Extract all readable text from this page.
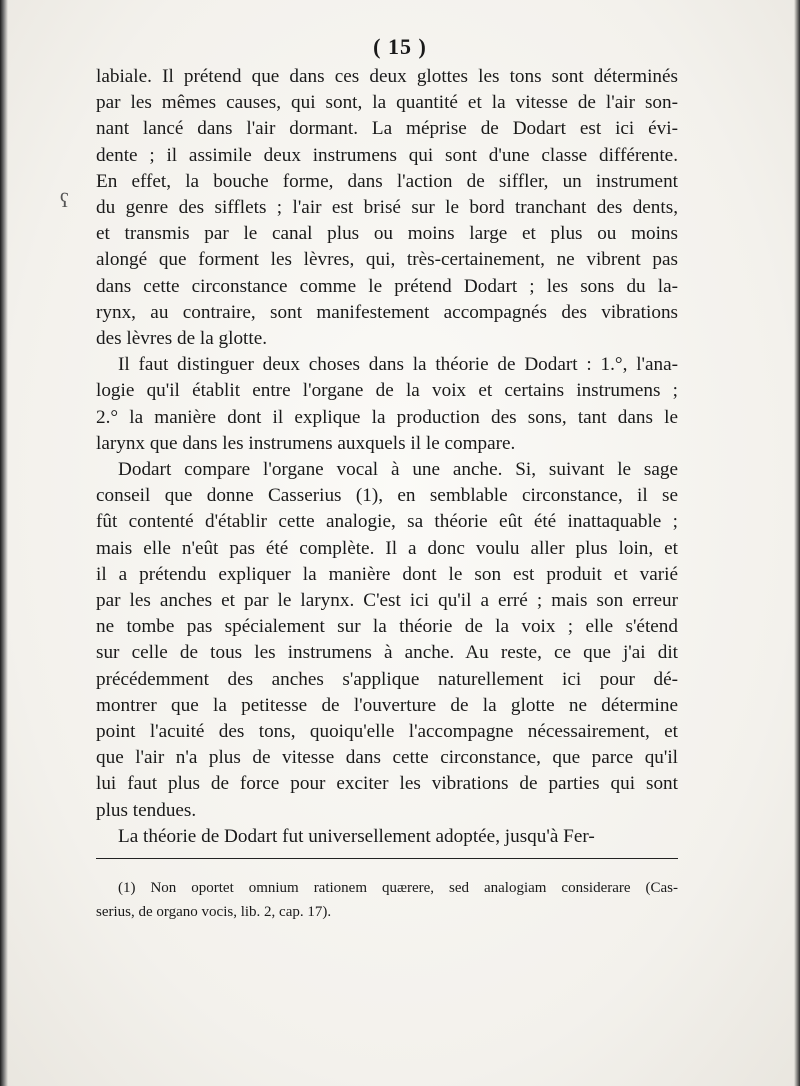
( 15 )

labiale. Il prétend que dans ces deux glottes les tons sont déterminés
par les mêmes causes, qui sont, la quantité et la vitesse de l'air son-
nant lancé dans l'air dormant. La méprise de Dodart est ici évi-
dente ; il assimile deux instrumens qui sont d'une classe différente.
En effet, la bouche forme, dans l'action de siffler, un instrument
du genre des sifflets ; l'air est brisé sur le bord tranchant des dents,
et transmis par le canal plus ou moins large et plus ou moins
alongé que forment les lèvres, qui, très-certainement, ne vibrent pas
dans cette circonstance comme le prétend Dodart ; les sons du la-
rynx, au contraire, sont manifestement accompagnés des vibrations
des lèvres de la glotte.

Il faut distinguer deux choses dans la théorie de Dodart : 1.°, l'ana-
logie qu'il établit entre l'organe de la voix et certains instrumens ;
2.° la manière dont il explique la production des sons, tant dans le
larynx que dans les instrumens auxquels il le compare.

Dodart compare l'organe vocal à une anche. Si, suivant le sage
conseil que donne Casserius (1), en semblable circonstance, il se
fût contenté d'établir cette analogie, sa théorie eût été inattaquable ;
mais elle n'eût pas été complète. Il a donc voulu aller plus loin, et
il a prétendu expliquer la manière dont le son est produit et varié
par les anches et par le larynx. C'est ici qu'il a erré ; mais son erreur
ne tombe pas spécialement sur la théorie de la voix ; elle s'étend
sur celle de tous les instrumens à anche. Au reste, ce que j'ai dit
précédemment des anches s'applique naturellement ici pour dé-
montrer que la petitesse de l'ouverture de la glotte ne détermine
point l'acuité des tons, quoiqu'elle l'accompagne nécessairement, et
que l'air n'a plus de vitesse dans cette circonstance, que parce qu'il
lui faut plus de force pour exciter les vibrations de parties qui sont
plus tendues.

La théorie de Dodart fut universellement adoptée, jusqu'à Fer-

(1) Non oportet omnium rationem quærere, sed analogiam considerare (Cas-
serius, de organo vocis, lib. 2, cap. 17).
ʕ
